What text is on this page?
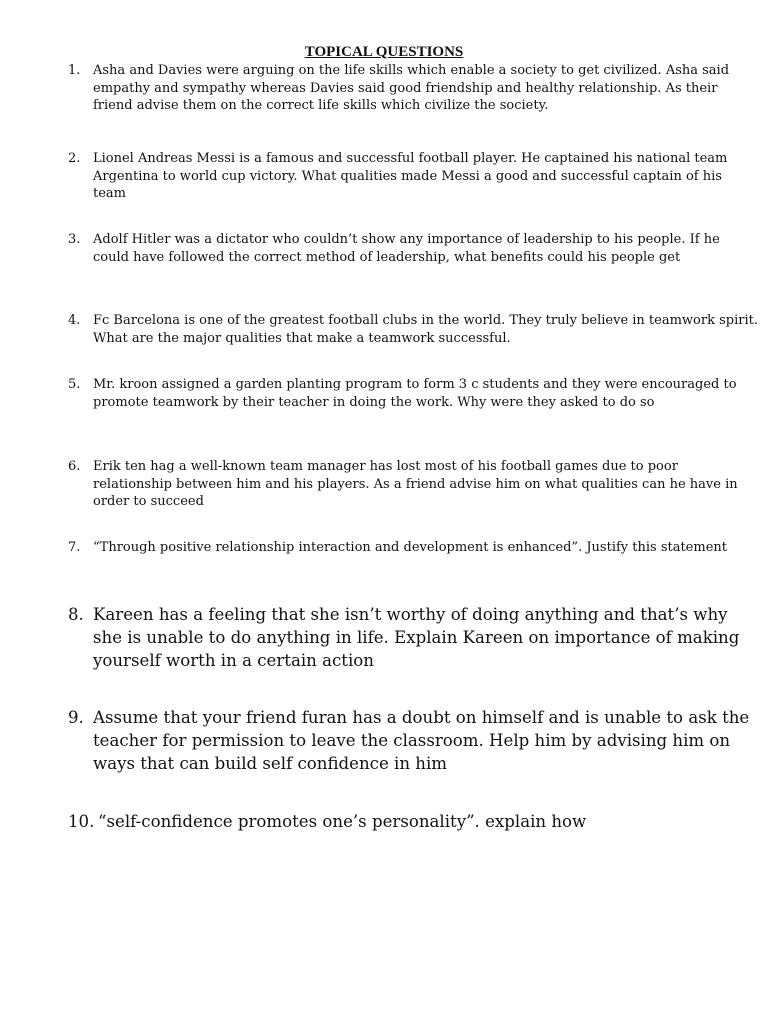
TOPICAL QUESTIONS
1. Asha and Davies were arguing on the life skills which enable a society to get civilized. Asha said empathy and sympathy whereas Davies said good friendship and healthy relationship. As their friend advise them on the correct life skills which civilize the society.
2. Lionel Andreas Messi is a famous and successful football player. He captained his national team Argentina to world cup victory. What qualities made Messi a good and successful captain of his team
3. Adolf Hitler was a dictator who couldn’t show any importance of leadership to his people. If he could have followed the correct method of leadership, what benefits could his people get
4. Fc Barcelona is one of the greatest football clubs in the world. They truly believe in teamwork spirit. What are the major qualities that make a teamwork successful.
5. Mr. kroon assigned a garden planting program to form 3 c students and they were encouraged to promote teamwork by their teacher in doing the work. Why were they asked to do so
6. Erik ten hag a well-known team manager has lost most of his football games due to poor relationship between him and his players. As a friend advise him on what qualities can he have in order to succeed
7. “Through positive relationship interaction and development is enhanced”. Justify this statement
8. Kareen has a feeling that she isn’t worthy of doing anything and that’s why she is unable to do anything in life. Explain Kareen on importance of making yourself worth in a certain action
9. Assume that your friend furan has a doubt on himself and is unable to ask the teacher for permission to leave the classroom. Help him by advising him on ways that can build self confidence in him
10. “self-confidence promotes one’s personality”. explain how
